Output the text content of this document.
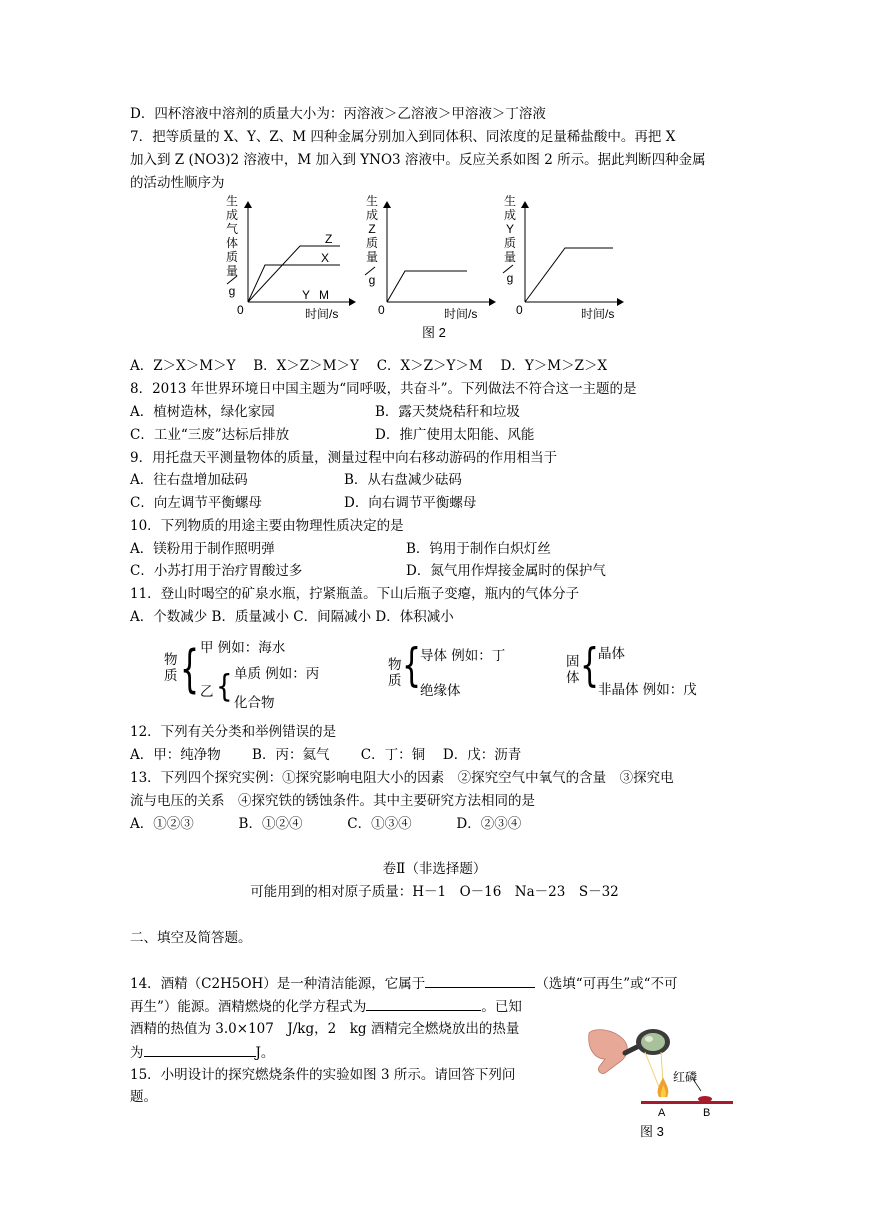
D．四杯溶液中溶剂的质量大小为：丙溶液＞乙溶液＞甲溶液＞丁溶液
7．把等质量的 X、Y、Z、M 四种金属分别加入到同体积、同浓度的足量稀盐酸中。再把 X
加入到 Z (NO3)2 溶液中，M 加入到 YNO3 溶液中。反应关系如图 2 所示。据此判断四种金属
的活动性顺序为
生
成
气
体
质
量
g
Z
X
Y M
0	时间/s
生
成
Z
质
量
g
0	时间/s
生
成
Y
质
量
g
0	时间/s
图 2
A．Z＞X＞M＞Y　 B．X＞Z＞M＞Y　 C．X＞Z＞Y＞M　 D．Y＞M＞Z＞X
8．2013 年世界环境日中国主题为“同呼吸，共奋斗”。下列做法不符合这一主题的是
A．植树造林，绿化家园	B．露天焚烧秸秆和垃圾
C．工业“三废”达标后排放	D．推广使用太阳能、风能
9．用托盘天平测量物体的质量，测量过程中向右移动游码的作用相当于
A．往右盘增加砝码	B．从右盘减少砝码
C．向左调节平衡螺母	D．向右调节平衡螺母
10．下列物质的用途主要由物理性质决定的是
A．镁粉用于制作照明弹	B．钨用于制作白炽灯丝
C．小苏打用于治疗胃酸过多	D．氮气用作焊接金属时的保护气
11．登山时喝空的矿泉水瓶，拧紧瓶盖。下山后瓶子变瘪，瓶内的气体分子
A．个数减少 B．质量减小 C．间隔减小 D．体积减小
物质 { 甲 例如：海水
乙 { 单质 例如：丙
化合物
物质 {
导体 例如：丁
绝缘体
固体 {
晶体
非晶体 例如：戊
12．下列有关分类和举例错误的是
A．甲：纯净物　　 B．丙：氦气　　 C．丁：铜　 D．戊：沥青
13．下列四个探究实例：①探究影响电阻大小的因素　②探究空气中氧气的含量　③探究电
流与电压的关系　④探究铁的锈蚀条件。其中主要研究方法相同的是
A．①②③　　　 B．①②④　　　 C．①③④　　　 D．②③④
卷Ⅱ（非选择题）
可能用到的相对原子质量：H－1　O－16　Na－23　S－32
二、填空及简答题。
14．酒精（C2H5OH）是一种清洁能源，它属于	（选填“可再生”或“不可
再生”）能源。酒精燃烧的化学方程式为	。已知
酒精的热值为 3.0×107　J/kg，2　kg 酒精完全燃烧放出的热量
为	J。
15．小明设计的探究燃烧条件的实验如图 3 所示。请回答下列问
题。
红磷
A	B
图 3
